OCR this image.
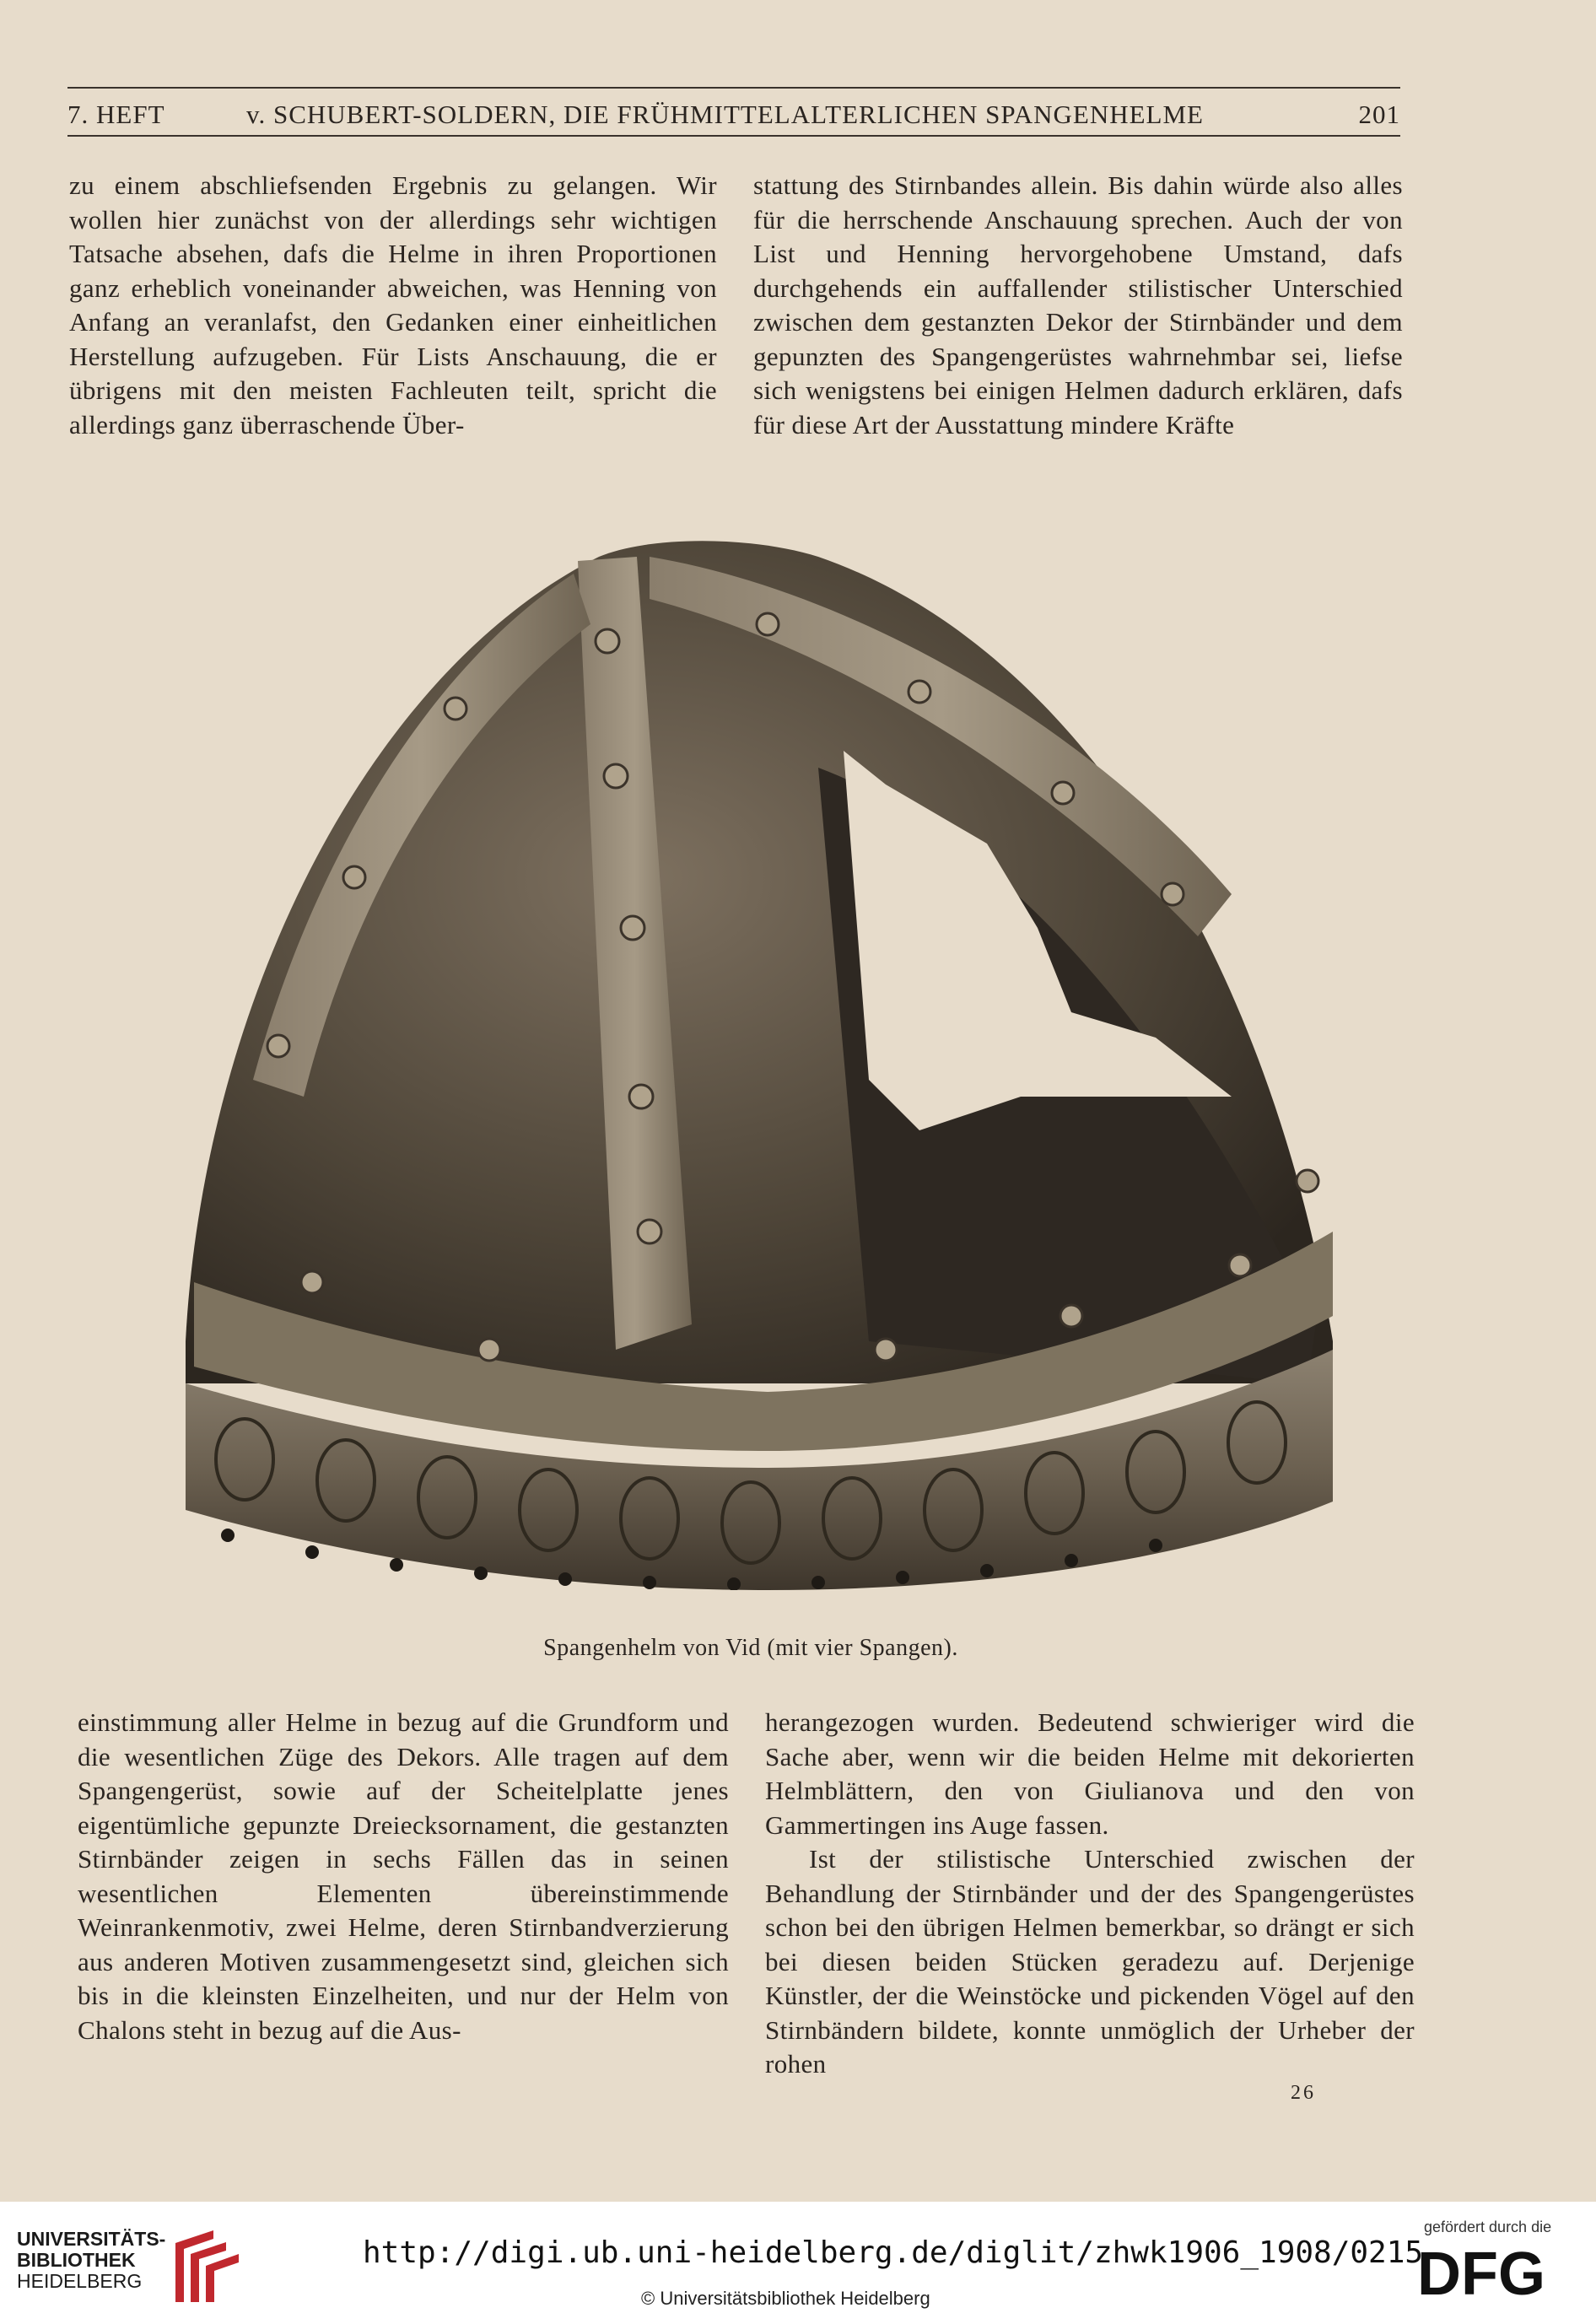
7. HEFT	v. SCHUBERT-SOLDERN, DIE FRÜHMITTELALTERLICHEN SPANGENHELME	201

zu einem abschliefsenden Ergebnis zu gelangen. Wir wollen hier zunächst von der allerdings sehr wichtigen Tatsache absehen, dafs die Helme in ihren Proportionen ganz erheblich voneinander abweichen, was Henning von Anfang an veranlafst, den Gedanken einer einheitlichen Herstellung aufzugeben. Für Lists Anschauung, die er übrigens mit den meisten Fachleuten teilt, spricht die allerdings ganz überraschende Über-

stattung des Stirnbandes allein. Bis dahin würde also alles für die herrschende Anschauung sprechen. Auch der von List und Henning hervorgehobene Umstand, dafs durchgehends ein auffallender stilistischer Unterschied zwischen dem gestanzten Dekor der Stirnbänder und dem gepunzten des Spangengerüstes wahrnehmbar sei, liefse sich wenigstens bei einigen Helmen dadurch erklären, dafs für diese Art der Ausstattung mindere Kräfte

Spangenhelm von Vid (mit vier Spangen).

einstimmung aller Helme in bezug auf die Grundform und die wesentlichen Züge des Dekors. Alle tragen auf dem Spangengerüst, sowie auf der Scheitelplatte jenes eigentümliche gepunzte Dreiecksornament, die gestanzten Stirnbänder zeigen in sechs Fällen das in seinen wesentlichen Elementen übereinstimmende Weinrankenmotiv, zwei Helme, deren Stirnbandverzierung aus anderen Motiven zusammengesetzt sind, gleichen sich bis in die kleinsten Einzelheiten, und nur der Helm von Chalons steht in bezug auf die Aus-

herangezogen wurden. Bedeutend schwieriger wird die Sache aber, wenn wir die beiden Helme mit dekorierten Helmblättern, den von Giulianova und den von Gammertingen ins Auge fassen.

Ist der stilistische Unterschied zwischen der Behandlung der Stirnbänder und der des Spangengerüstes schon bei den übrigen Helmen bemerkbar, so drängt er sich bei diesen beiden Stücken geradezu auf. Derjenige Künstler, der die Weinstöcke und pickenden Vögel auf den Stirnbändern bildete, konnte unmöglich der Urheber der rohen

26
UNIVERSITÄTS-
BIBLIOTHEK
HEIDELBERG
http://digi.ub.uni-heidelberg.de/diglit/zhwk1906_1908/0215
© Universitätsbibliothek Heidelberg
gefördert durch die
DFG
